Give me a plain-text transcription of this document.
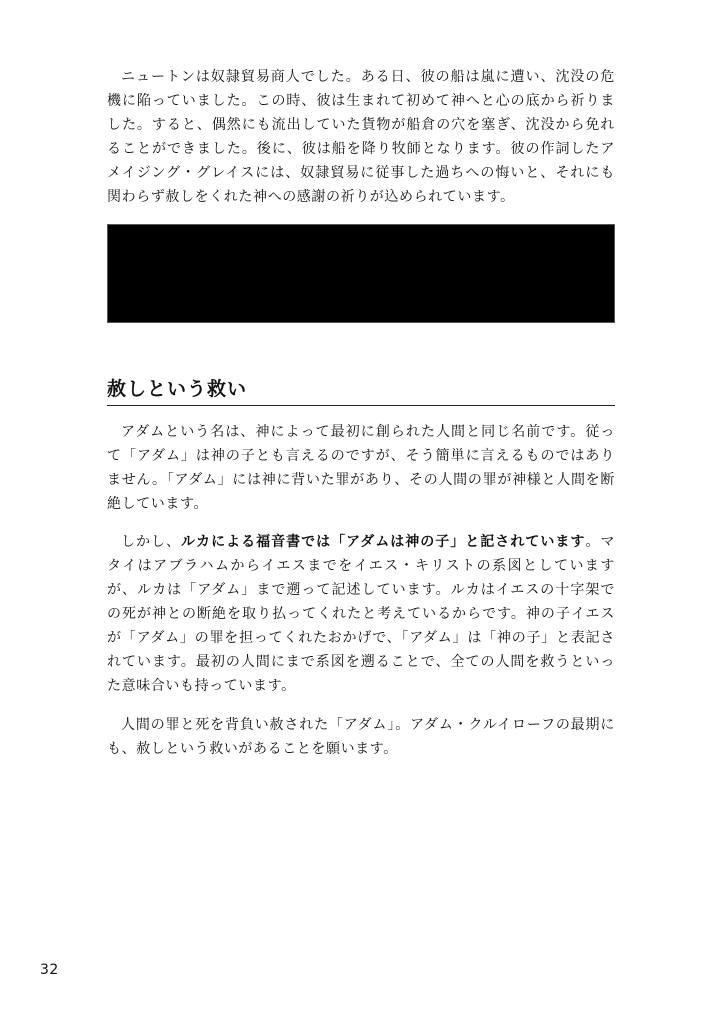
ニュートンは奴隷貿易商人でした。ある日、彼の船は嵐に遭い、沈没の危機に陥っていました。この時、彼は生まれて初めて神へと心の底から祈りました。すると、偶然にも流出していた貨物が船倉の穴を塞ぎ、沈没から免れることができました。後に、彼は船を降り牧師となります。彼の作詞したアメイジング・グレイスには、奴隷貿易に従事した過ちへの悔いと、それにも関わらず赦しをくれた神への感謝の祈りが込められています。

赦しという救い

アダムという名は、神によって最初に創られた人間と同じ名前です。従って「アダム」は神の子とも言えるのですが、そう簡単に言えるものではありません。「アダム」には神に背いた罪があり、その人間の罪が神様と人間を断絶しています。

しかし、ルカによる福音書では「アダムは神の子」と記されています。マタイはアブラハムからイエスまでをイエス・キリストの系図としていますが、ルカは「アダム」まで遡って記述しています。ルカはイエスの十字架での死が神との断絶を取り払ってくれたと考えているからです。神の子イエスが「アダム」の罪を担ってくれたおかげで、「アダム」は「神の子」と表記されています。最初の人間にまで系図を遡ることで、全ての人間を救うといった意味合いも持っています。

人間の罪と死を背負い赦された「アダム」。アダム・クルイローフの最期にも、赦しという救いがあることを願います。

32
